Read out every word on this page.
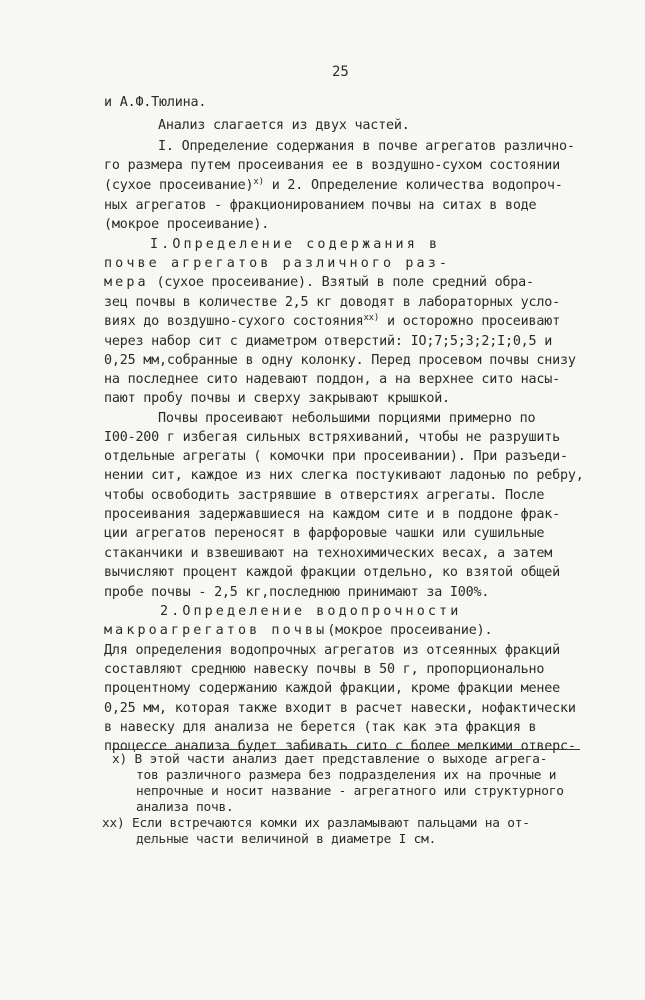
25
и А.Ф.Тюлина.
Анализ слагается из двух частей.
I. Определение содержания в почве агрегатов различно-
го размера путем просеивания ее в воздушно-сухом состоянии
(сухое просеивание)$^{x)}$ и 2. Определение количества водопроч-
ных агрегатов - фракционированием почвы на ситах в воде
(мокрое просеивание).
I.Определение содержания в
почве агрегатов различного раз-
мера (сухое просеивание). Взятый в поле средний обра-
зец почвы в количестве 2,5 кг доводят в лабораторных усло-
виях до воздушно-сухого состояния$^{xx)}$ и осторожно просеивают
через набор сит с диаметром отверстий: IO;7;5;3;2;I;0,5 и
0,25 мм,собранные в одну колонку. Перед просевом почвы снизу
на последнее сито надевают поддон, а на верхнее сито насы-
пают пробу почвы и сверху закрывают крышкой.
Почвы просеивают небольшими порциями примерно по
I00-200 г избегая сильных встряхиваний, чтобы не разрушить
отдельные агрегаты ( комочки при просеивании). При разъеди-
нении сит, каждое из них слегка постукивают ладонью по ребру,
чтобы освободить застрявшие в отверстиях агрегаты. После
просеивания задержавшиеся на каждом сите и в поддоне фрак-
ции агрегатов переносят в фарфоровые чашки или сушильные
стаканчики и взвешивают на технохимических весах, а затем
вычисляют процент каждой фракции отдельно, ко взятой общей
пробе почвы - 2,5 кг,последнюю принимают за I00%.
2.Определение водопрочности
макроагрегатов почвы(мокрое просеивание).
Для определения водопрочных агрегатов из отсеянных фракций
составляют среднюю навеску почвы в 50 г, пропорционально
процентному содержанию каждой фракции, кроме фракции менее
0,25 мм, которая также входит в расчет навески, нофактически
в навеску для анализа не берется (так как эта фракция в
процессе анализа будет забивать сито с более мелкими отверс-
x) В этой части анализ дает представление о выходе агрега-
тов различного размера без подразделения их на прочные и
непрочные и носит название - агрегатного или структурного
анализа почв.
xx) Если встречаются комки их разламывают пальцами на от-
дельные части величиной в диаметре I см.
